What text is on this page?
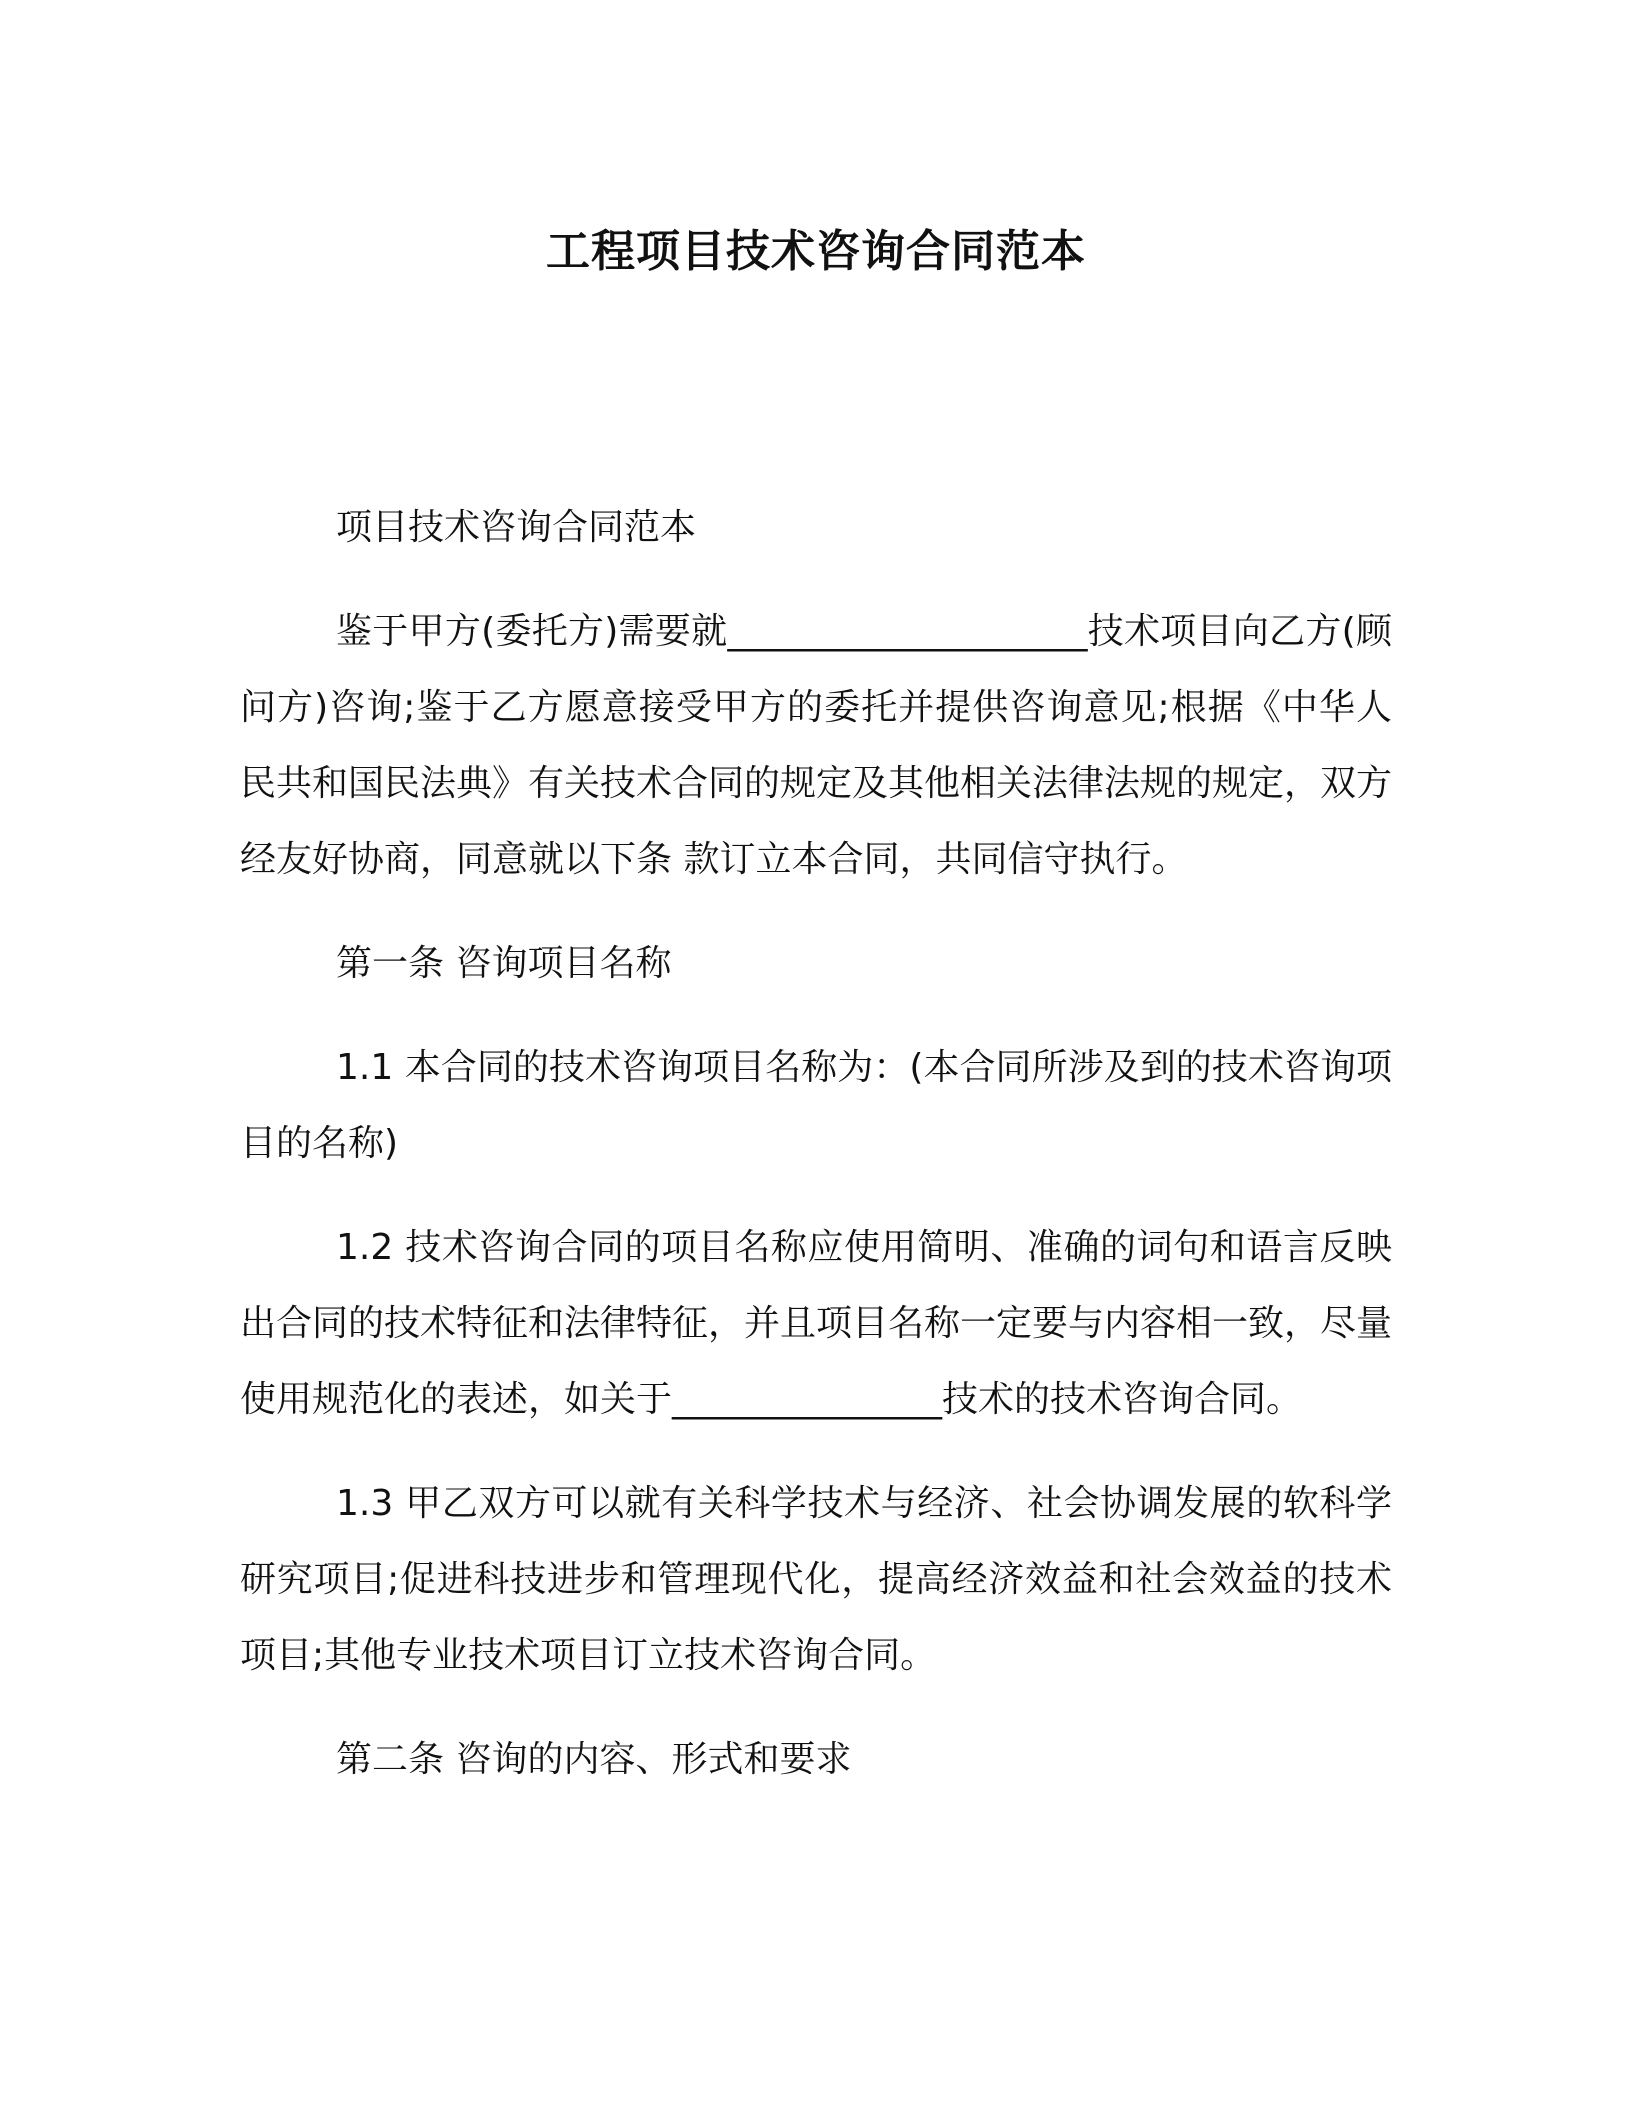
工程项目技术咨询合同范本

项目技术咨询合同范本

鉴于甲方(委托方)需要就____________________技术项目向乙方(顾问方)咨询;鉴于乙方愿意接受甲方的委托并提供咨询意见;根据《中华人民共和国民法典》有关技术合同的规定及其他相关法律法规的规定，双方经友好协商，同意就以下条 款订立本合同，共同信守执行。

第一条 咨询项目名称

1.1 本合同的技术咨询项目名称为：(本合同所涉及到的技术咨询项目的名称)

1.2 技术咨询合同的项目名称应使用简明、准确的词句和语言反映出合同的技术特征和法律特征，并且项目名称一定要与内容相一致，尽量使用规范化的表述，如关于_______________技术的技术咨询合同。

1.3 甲乙双方可以就有关科学技术与经济、社会协调发展的软科学研究项目;促进科技进步和管理现代化，提高经济效益和社会效益的技术项目;其他专业技术项目订立技术咨询合同。

第二条 咨询的内容、形式和要求
